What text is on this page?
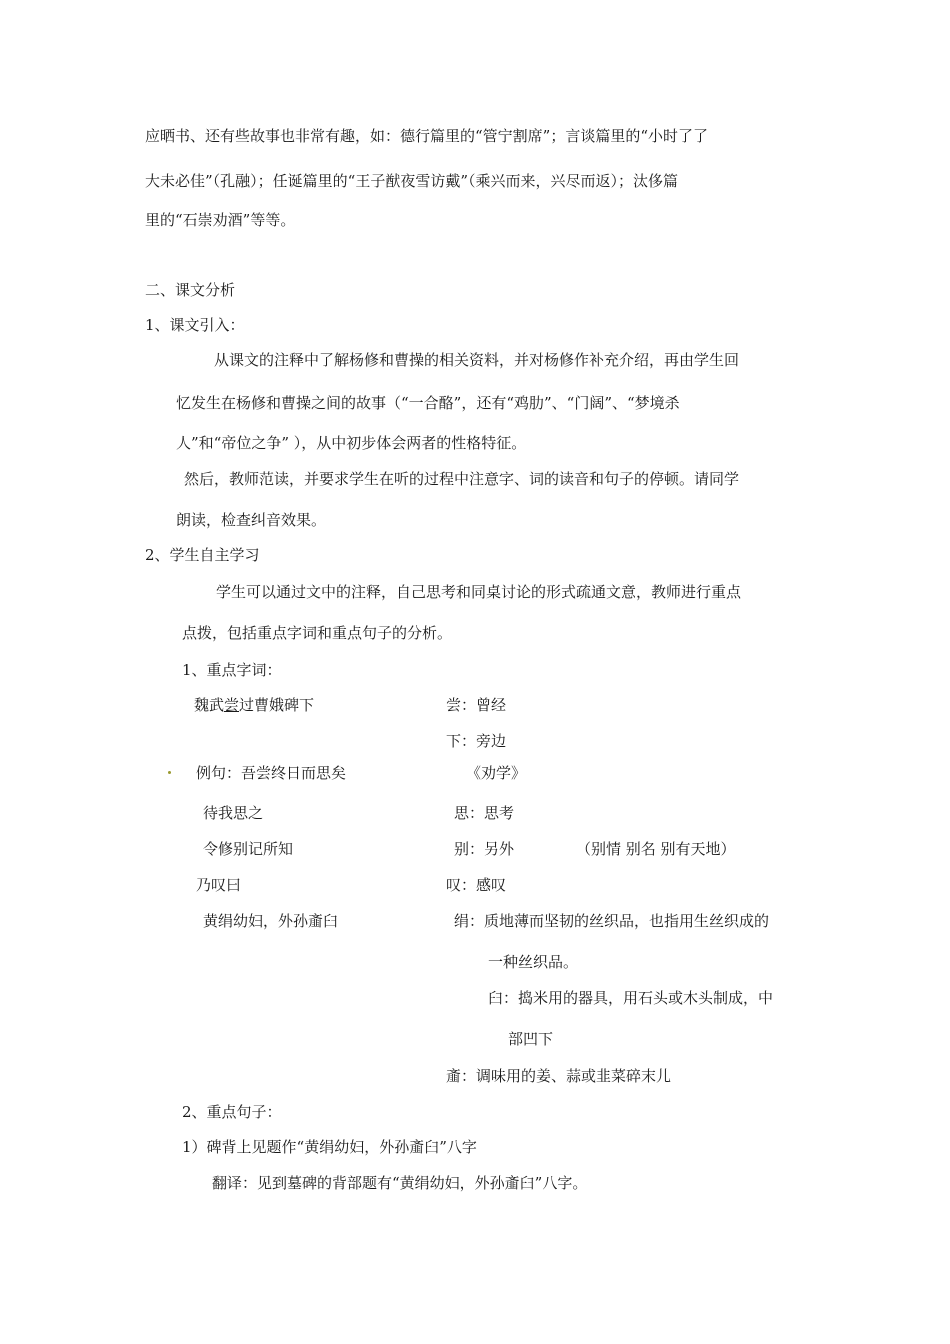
应晒书、还有些故事也非常有趣，如：德行篇里的“管宁割席”；言谈篇里的“小时了了
大未必佳”（孔融）；任诞篇里的“王子猷夜雪访戴”（乘兴而来，兴尽而返）；汰侈篇
里的“石崇劝酒”等等。
二、课文分析
1、课文引入：
从课文的注释中了解杨修和曹操的相关资料，并对杨修作补充介绍，再由学生回
忆发生在杨修和曹操之间的故事（“一合酪”，还有“鸡肋”、“门阔”、“梦境杀
人”和“帝位之争” ），从中初步体会两者的性格特征。
然后，教师范读，并要求学生在听的过程中注意字、词的读音和句子的停顿。请同学
朗读，检查纠音效果。
2、学生自主学习
学生可以通过文中的注释，自己思考和同桌讨论的形式疏通文意，教师进行重点
点拨，包括重点字词和重点句子的分析。
1、重点字词：
魏武尝过曹娥碑下	尝：曾经
下：旁边
例句：吾尝终日而思矣	《劝学》
待我思之	思：思考
令修别记所知	别：另外	（别情 别名 别有天地）
乃叹曰	叹：感叹
黄绢幼妇，外孙齑臼	绢：质地薄而坚韧的丝织品，也指用生丝织成的
一种丝织品。
臼：捣米用的器具，用石头或木头制成，中
部凹下
齑：调味用的姜、蒜或韭菜碎末儿
2、重点句子：
1）碑背上见题作“黄绢幼妇，外孙齑臼”八字
翻译：见到墓碑的背部题有“黄绢幼妇，外孙齑臼”八字。
